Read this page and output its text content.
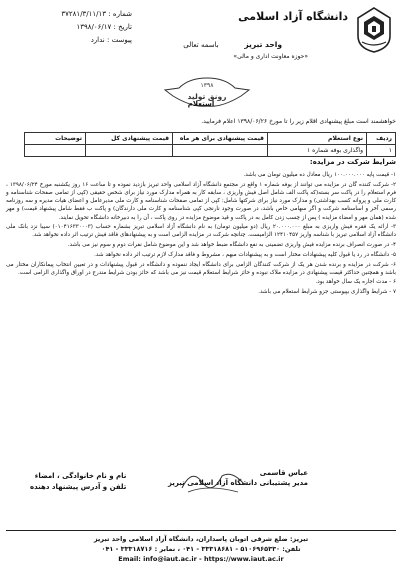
دانشگاه آزاد اسلامی
واحد تبریز
«حوزه معاونت اداری و مالی»
باسمه تعالی
شماره : ۳۷۲۸۱/۳/۱۱/۱۳
تاریخ : ۱۳۹۸/۰۶/۱۷
پیوست : ندارد
۱۳۹۸
رونق تولید
استعلام
خواهشمند است مبلغ پیشنهادی اقلام زیر را تا مورخ ۱۳۹۸/۰۶/۲۶ اعلام فرمایید.
ردیف	نوع استعلام	قیمت پیشنهادی برای هر ماه	قیمت پیشنهادی کل	توضیحات
۱	واگذاری بوفه شماره ۱			
شرایط شرکت در مزایده:

۱- قیمت پایه ۱۰۰.۰۰۰.۰۰۰ ریال معادل ده میلیون تومان می باشد.

۲- شرکت کننده گان در مزایده می توانند از بوفه شماره ۱ واقع در مجتمع دانشگاه آزاد اسلامی واحد تبریز بازدید نموده و تا ساعت ۱۶ روز یکشنبه مورخ ۱۳۹۸/۰۶/۲۴ ، فرم استعلام را در پاکت سر بسته(که پاکت الف شامل اصل فیش واریزی ، سابقه کار به همراه مدارک مورد نیاز برای شخص حقیقی (کپی از تمامی صفحات شناسنامه و کارت ملی و پروانه کسب بهداشتی) و مدارک مورد نیاز برای شرکتها شامل: کپی از تمامی صفحات شناسنامه و کارت ملی مدیرعامل و اعضای هیات مدیره و سه روزنامه رسمی آخر و اساسنامه شرکت و اگر سهامی خاص باشد، در صورت وجود نارنجی کپی شناسنامه و کارت ملی دارندگان) و پاکت ب فقط شامل پیشنهاد قیمت) و مهر شده (همان مهر و امضاء مزایده ) پس از چسب زدن کامل به در پاکت و قید موضوع مزایده در روی پاکت ، آن را به دبیرخانه دانشگاه تحویل نمایند.

۳- ارائه یک فقره فیش واریزی به مبلغ ۲۰.۰۰۰.۰۰۰ ریال (دو میلیون تومان) به نام دانشگاه آزاد اسلامی تبریز بشماره حساب (۰۱۰۴۱۶۳۳۰۰۰۳) سیبا نزد بانک ملی دانشگاه آزاد اسلامی تبریز با شناسه واریز ۱۲۴۱۰۴۵۷ الزامیست. چنانچه شرکت در مزایده الزامی است و به پیشنهادهای فاقد فیش ترتیب اثر داده نخواهد شد.

۴- در صورت انصراف برنده مزایده فیش واریزی تضمینی به نفع دانشگاه ضبط خواهد شد و این موضوع شامل نفرات دوم و سوم نیز می باشد.

۵- دانشگاه در رد یا قبول کلیه پیشنهادات مختار است و به پیشنهادات مبهم ، مشروط و فاقد مدارک لازم ترتیب اثر داده نخواهد شد.

۶- شرکت در مزایده و برنده شدن هر یک از شرکت کنندگان الزامی برای دانشگاه ایجاد ننموده و دانشگاه در قبول پیشنهادات و در تعیین انتخاب پیمانکاران مختار می باشد و همچنین حداکثر قیمت پیشنهادی در مزایده ملاک نبوده و حائز شرایط استعلام قیمت نیز می باشد که حائز بودن شرایط مندرج در اوراق واگذاری الزامی است.

۶ - مدت اجاره یک سال خواهد بود.

۷ - شرایط واگذاری بپیوستی جزو شرایط استعلام می باشد.

عباس قاسمی
مدیر پشتیبانی دانشگاه آزاد اسلامی تبریز
نام و نام خانوادگی ، امضاء
تلفن و آدرس پیشنهاد دهنده
تبریز: ضلع شرقی اتوبان پاسداران، دانشگاه آزاد اسلامی واحد تبریز
تلفن: ۵۱۰۶۹۶۵۳۳۰ - ۳۳۳۱۸۶۸۱ - ۰۴۱ ، نمابر : ۳۳۳۱۸۷۱۶ - ۰۴۱
Email: info@iaut.ac.ir - https://www.iaut.ac.ir
